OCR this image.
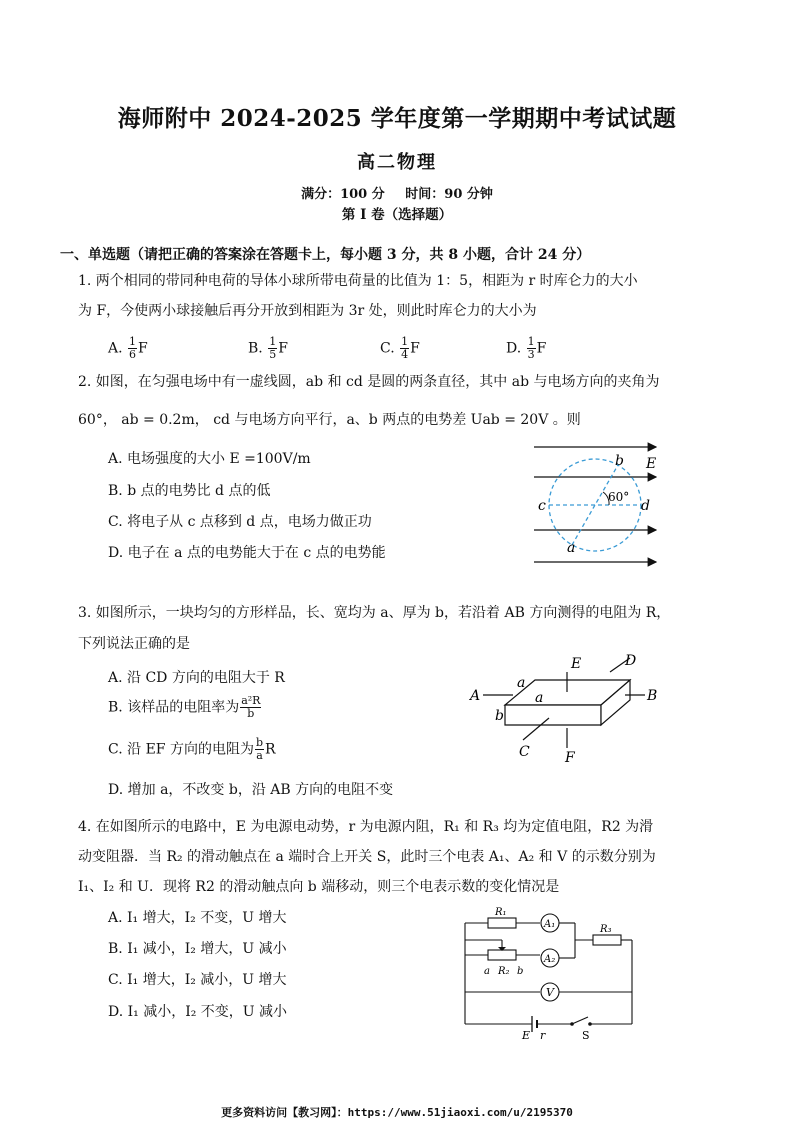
海师附中 2024-2025 学年度第一学期期中考试试题
高二物理
满分：100 分 时间：90 分钟
第 I 卷（选择题）
一、单选题（请把正确的答案涂在答题卡上，每小题 3 分，共 8 小题，合计 24 分）
1. 两个相同的带同种电荷的导体小球所带电荷量的比值为 1：5，相距为 r 时库仑力的大小
为 F，今使两小球接触后再分开放到相距为 3r 处，则此时库仑力的大小为
A. $\frac{1}{6}$ F	B. $\frac{1}{5}$ F	C. $\frac{1}{4}$ F	D. $\frac{1}{3}$ F
2. 如图，在匀强电场中有一虚线圆，ab 和 cd 是圆的两条直径，其中 ab 与电场方向的夹角为
60°， ab = 0.2m， cd 与电场方向平行，a、b 两点的电势差 Uab = 20V 。则
A. 电场强度的大小 E =100V/m
B. b 点的电势比 d 点的低
C. 将电子从 c 点移到 d 点，电场力做正功
D. 电子在 a 点的电势能大于在 c 点的电势能
b E
60°
c	d
a
3. 如图所示，一块均匀的方形样品，长、宽均为 a、厚为 b，若沿着 AB 方向测得的电阻为 R，
下列说法正确的是
A. 沿 CD 方向的电阻大于 R
B. 该样品的电阻率为 $\frac{\text{a²R}}{b}$
C. 沿 EF 方向的电阻为 $\frac{b}{a}$ R
D. 增加 a，不改变 b，沿 AB 方向的电阻不变
E	D
A	B
a
a
b
C	F
4. 在如图所示的电路中，E 为电源电动势，r 为电源内阻，R₁ 和 R₃ 均为定值电阻，R2 为滑
动变阻器．当 R₂ 的滑动触点在 a 端时合上开关 S，此时三个电表 A₁、A₂ 和 V 的示数分别为
I₁、I₂ 和 U．现将 R2 的滑动触点向 b 端移动，则三个电表示数的变化情况是
A. I₁ 增大，I₂ 不变，U 增大
B. I₁ 减小，I₂ 增大，U 减小
C. I₁ 增大，I₂ 减小，U 增大
D. I₁ 减小，I₂ 不变，U 减小
R₁
A₁	R₃
a R₂ b
A₂
V
E r	S
更多资料访问【教习网】：https://www.51jiaoxi.com/u/2195370
